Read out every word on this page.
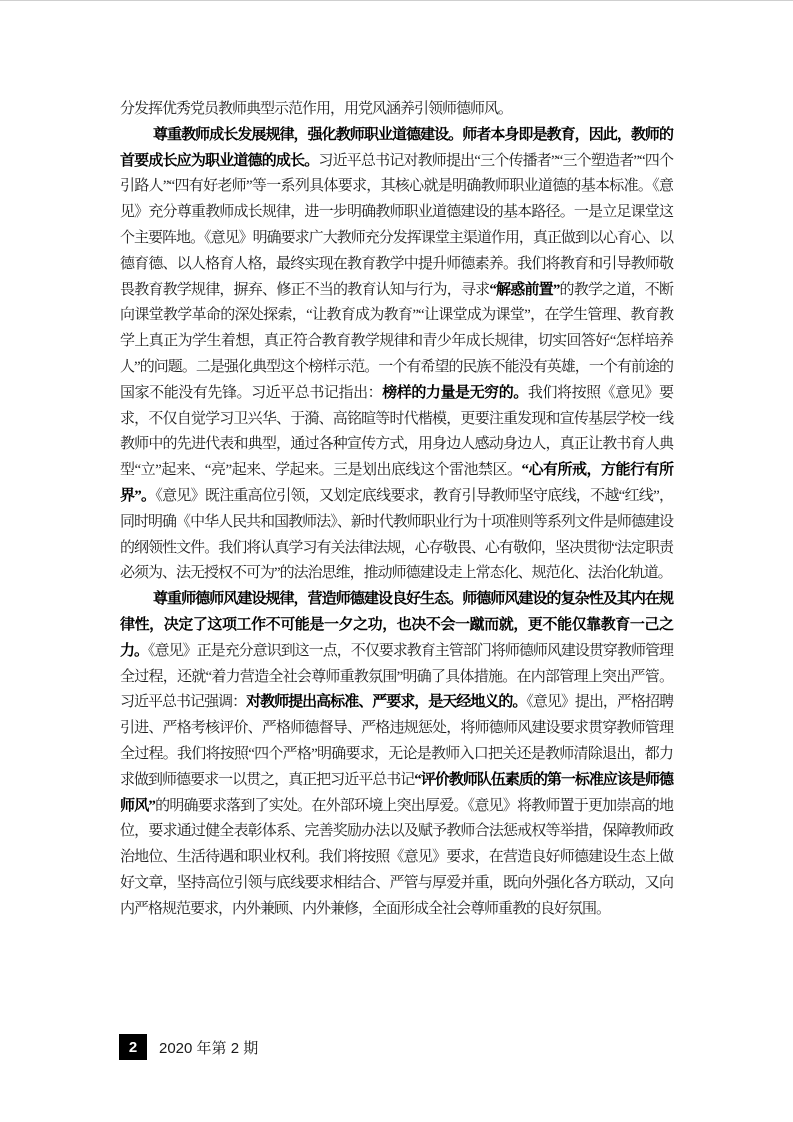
分发挥优秀党员教师典型示范作用，用党风涵养引领师德师风。

尊重教师成长发展规律，强化教师职业道德建设。师者本身即是教育，因此，教师的首要成长应为职业道德的成长。习近平总书记对教师提出“三个传播者”“三个塑造者”“四个引路人”“四有好老师”等一系列具体要求，其核心就是明确教师职业道德的基本标准。《意见》充分尊重教师成长规律，进一步明确教师职业道德建设的基本路径。一是立足课堂这个主要阵地。《意见》明确要求广大教师充分发挥课堂主渠道作用，真正做到以心育心、以德育德、以人格育人格，最终实现在教育教学中提升师德素养。我们将教育和引导教师敬畏教育教学规律，摒弃、修正不当的教育认知与行为，寻求“解惑前置”的教学之道，不断向课堂教学革命的深处探索，“让教育成为教育”“让课堂成为课堂”，在学生管理、教育教学上真正为学生着想，真正符合教育教学规律和青少年成长规律，切实回答好“怎样培养人”的问题。二是强化典型这个榜样示范。一个有希望的民族不能没有英雄，一个有前途的国家不能没有先锋。习近平总书记指出：榜样的力量是无穷的。我们将按照《意见》要求，不仅自觉学习卫兴华、于漪、高铭暄等时代楷模，更要注重发现和宣传基层学校一线教师中的先进代表和典型，通过各种宣传方式，用身边人感动身边人，真正让教书育人典型“立”起来、“亮”起来、学起来。三是划出底线这个雷池禁区。“心有所戒，方能行有所界”。《意见》既注重高位引领，又划定底线要求，教育引导教师坚守底线，不越“红线”，同时明确《中华人民共和国教师法》、新时代教师职业行为十项准则等系列文件是师德建设的纲领性文件。我们将认真学习有关法律法规，心存敬畏、心有敬仰，坚决贯彻“法定职责必须为、法无授权不可为”的法治思维，推动师德建设走上常态化、规范化、法治化轨道。

尊重师德师风建设规律，营造师德建设良好生态。师德师风建设的复杂性及其内在规律性，决定了这项工作不可能是一夕之功，也决不会一蹴而就，更不能仅靠教育一己之力。《意见》正是充分意识到这一点，不仅要求教育主管部门将师德师风建设贯穿教师管理全过程，还就“着力营造全社会尊师重教氛围”明确了具体措施。在内部管理上突出严管。习近平总书记强调：对教师提出高标准、严要求，是天经地义的。《意见》提出，严格招聘引进、严格考核评价、严格师德督导、严格违规惩处，将师德师风建设要求贯穿教师管理全过程。我们将按照“四个严格”明确要求，无论是教师入口把关还是教师清除退出，都力求做到师德要求一以贯之，真正把习近平总书记“评价教师队伍素质的第一标准应该是师德师风”的明确要求落到了实处。在外部环境上突出厚爱。《意见》将教师置于更加崇高的地位，要求通过健全表彰体系、完善奖励办法以及赋予教师合法惩戒权等举措，保障教师政治地位、生活待遇和职业权利。我们将按照《意见》要求，在营造良好师德建设生态上做好文章，坚持高位引领与底线要求相结合、严管与厚爱并重，既向外强化各方联动，又向内严格规范要求，内外兼顾、内外兼修，全面形成全社会尊师重教的良好氛围。

2	2020 年第 2 期
